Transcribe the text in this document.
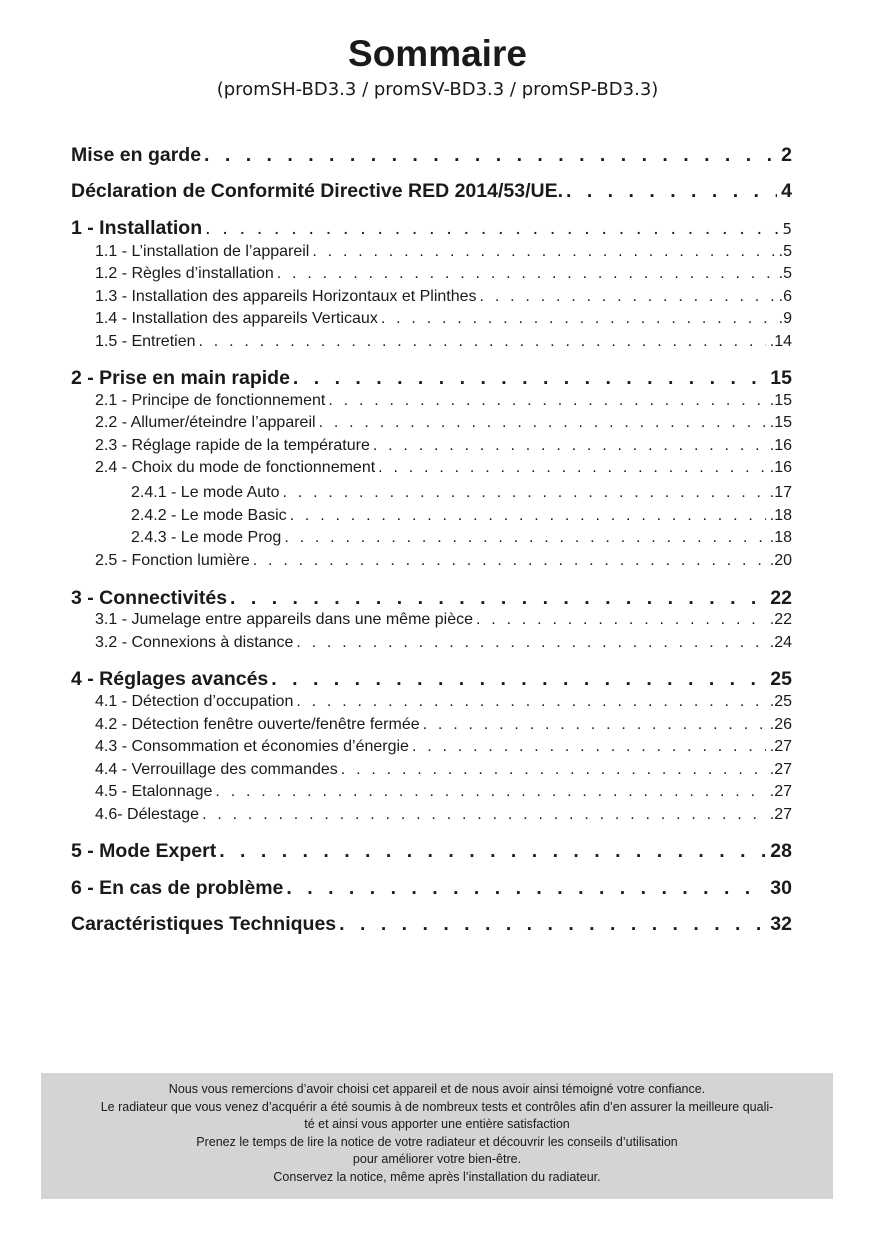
Sommaire
(promSH-BD3.3 / promSV-BD3.3 / promSP-BD3.3)
Mise en garde . . .	2
Déclaration de Conformité Directive RED 2014/53/UE. . . .	4
1 - Installation . . .	5
1.1 - L’installation de l’appareil . . .	.5
1.2 - Règles d’installation . . .	.5
1.3 - Installation des appareils Horizontaux et Plinthes . . .	.6
1.4 - Installation des appareils Verticaux . . .	.9
1.5 - Entretien . . .	.14
2 - Prise en main rapide . . .	15
2.1 - Principe de fonctionnement . . .	.15
2.2 - Allumer/éteindre l’appareil . . .	.15
2.3 - Réglage rapide de la température . . .	.16
2.4 - Choix du mode de fonctionnement . . .	.16
2.4.1 - Le mode Auto . . .	.17
2.4.2 - Le mode Basic . . .	.18
2.4.3 - Le mode Prog . . .	.18
2.5 - Fonction lumière . . .	.20
3 - Connectivités . . .	22
3.1 - Jumelage entre appareils dans une même pièce . . .	.22
3.2 - Connexions à distance . . .	.24
4 - Réglages avancés . . .	25
4.1 - Détection d’occupation . . .	.25
4.2 - Détection fenêtre ouverte/fenêtre fermée . . .	.26
4.3 - Consommation et économies d’énergie . . .	.27
4.4 - Verrouillage des commandes . . .	.27
4.5 - Etalonnage . . .	.27
4.6- Délestage . . .	.27
5 - Mode Expert . . .	28
6 - En cas de problème . . .	30
Caractéristiques Techniques . . .	32
Nous vous remercions d’avoir choisi cet appareil et de nous avoir ainsi témoigné votre confiance.
Le radiateur que vous venez d’acquérir a été soumis à de nombreux tests et contrôles afin d’en assurer la meilleure quali-
té et ainsi vous apporter une entière satisfaction
Prenez le temps de lire la notice de votre radiateur et découvrir les conseils d’utilisation
pour améliorer votre bien-être.
Conservez la notice, même après l’installation du radiateur.
